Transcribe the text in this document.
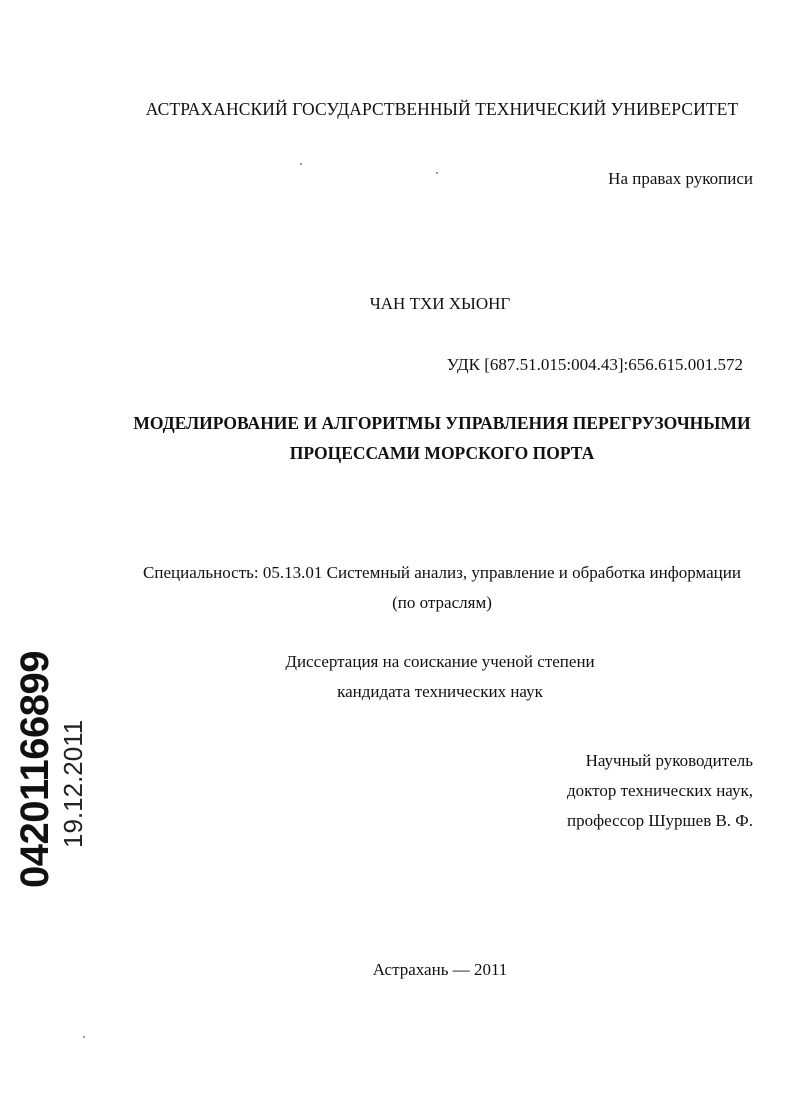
АСТРАХАНСКИЙ ГОСУДАРСТВЕННЫЙ ТЕХНИЧЕСКИЙ УНИВЕРСИТЕТ
На правах рукописи
ЧАН ТХИ ХЫОНГ
УДК [687.51.015:004.43]:656.615.001.572
МОДЕЛИРОВАНИЕ И АЛГОРИТМЫ УПРАВЛЕНИЯ ПЕРЕГРУЗОЧНЫМИ
ПРОЦЕССАМИ МОРСКОГО ПОРТА
Специальность: 05.13.01 Системный анализ, управление и обработка информации
(по отраслям)
Диссертация на соискание ученой степени
кандидата технических наук
Научный руководитель
доктор технических наук,
профессор Шуршев В. Ф.
Астрахань — 2011
04201166899 19.12.2011
